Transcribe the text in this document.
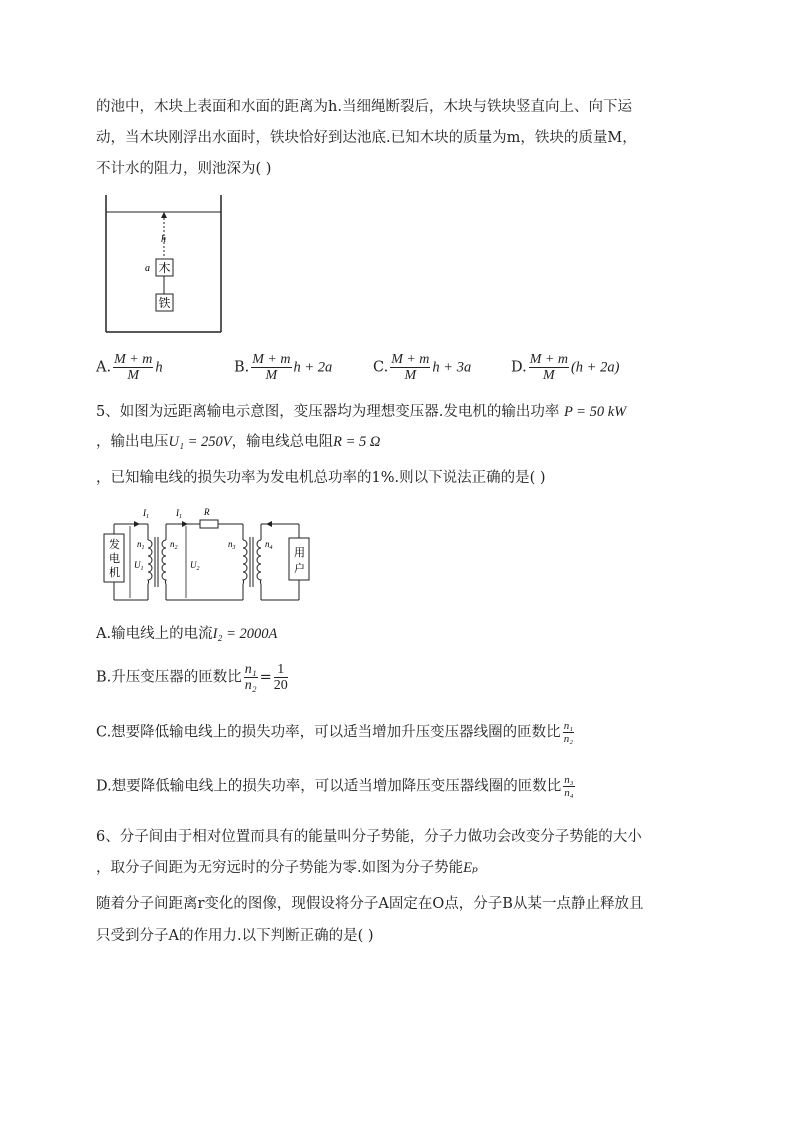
的池中，木块上表面和水面的距离为h.当细绳断裂后，木块与铁块竖直向上、向下运
动，当木块刚浮出水面时，铁块恰好到达池底.已知木块的质量为m，铁块的质量M，
不计水的阻力，则池深为( )
h
a 木
铁
A. $\frac{M + m}{M}$ h	B. $\frac{M + m}{M}$ h + 2a	C. $\frac{M + m}{M}$ h + 3a	D. $\frac{M + m}{M} (h + 2a)$
5、如图为远距离输电示意图，变压器均为理想变压器.发电机的输出功率 P = 50 kW
，输出电压U₁ = 250V，输电线总电阻R = 5 Ω
，已知输电线的损失功率为发电机总功率的1%.则以下说法正确的是( )
发
电
机
用
户
$I_1$	$I_1$ R
$n_1$	$n_2$	$n_3$	$n_4$
$U_1$	$U_2$
A.输电线上的电流I₂ = 2000A
B.升压变压器的匝数比 $\frac{\text{n₁}}{\text{n₂}} = \frac{1}{20}$
C.想要降低输电线上的损失功率，可以适当增加升压变压器线圈的匝数比 $\frac{\text{n₁}}{\text{n₂}}$
D.想要降低输电线上的损失功率，可以适当增加降压变压器线圈的匝数比 $\frac{\text{n₃}}{\text{n₄}}$
6、分子间由于相对位置而具有的能量叫分子势能，分子力做功会改变分子势能的大小
，取分子间距为无穷远时的分子势能为零.如图为分子势能Eₚ
随着分子间距离r变化的图像，现假设将分子A固定在O点，分子B从某一点静止释放且
只受到分子A的作用力.以下判断正确的是( )
